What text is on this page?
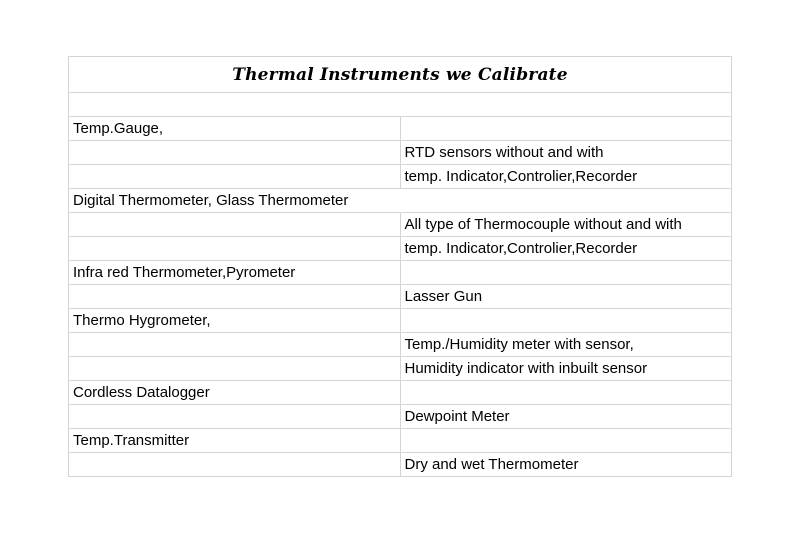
Thermal Instruments we Calibrate
Temp.Gauge,
RTD sensors without and with
temp. Indicator,Controlier,Recorder
Digital Thermometer, Glass Thermometer
All type of Thermocouple without and with
temp. Indicator,Controlier,Recorder
Infra red Thermometer,Pyrometer
Lasser Gun
Thermo Hygrometer,
Temp./Humidity meter with sensor,
Humidity indicator with inbuilt sensor
Cordless Datalogger
Dewpoint Meter
Temp.Transmitter
Dry and wet Thermometer
